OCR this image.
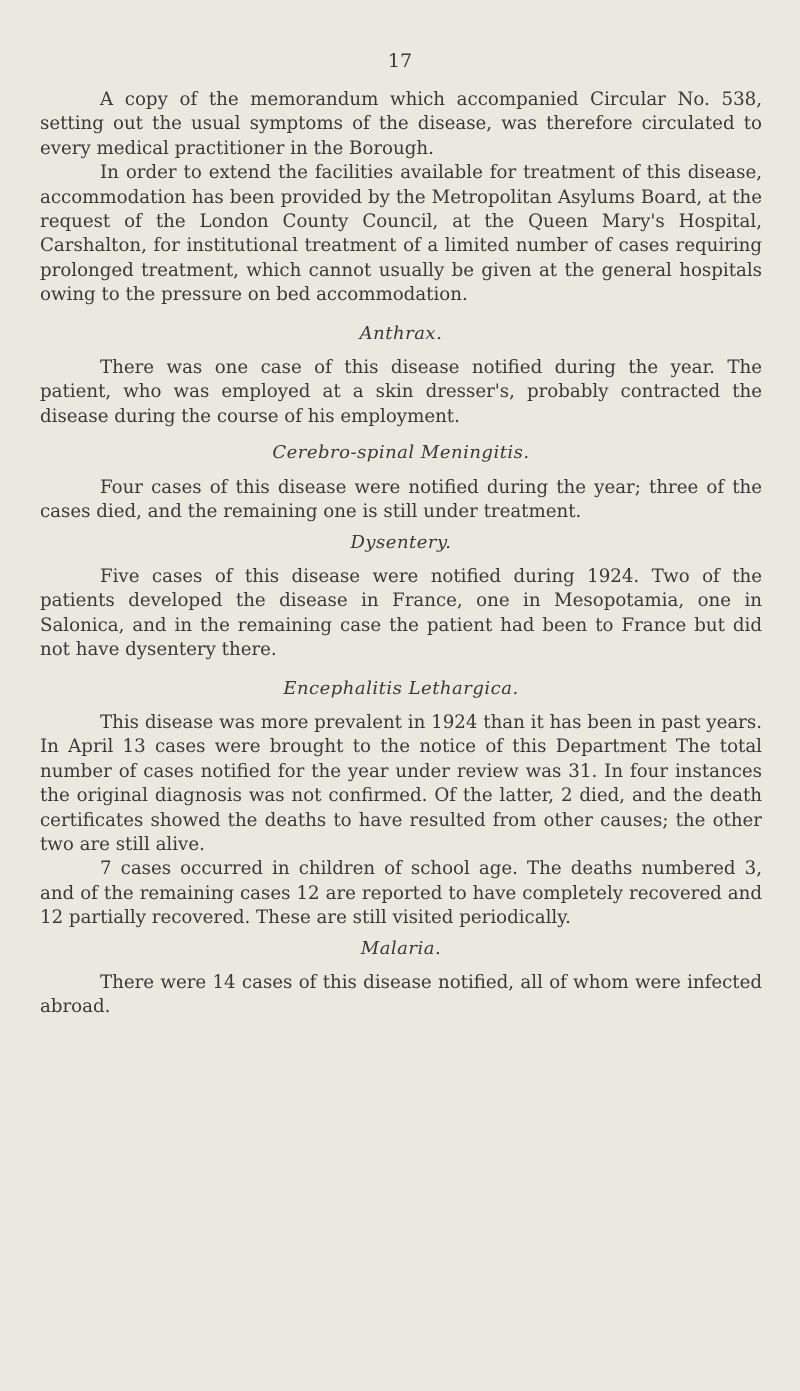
17

A copy of the memorandum which accompanied Circular No. 538, setting out the usual symptoms of the disease, was therefore circulated to every medical practitioner in the Borough.

In order to extend the facilities available for treatment of this disease, accommodation has been provided by the Metropolitan Asylums Board, at the request of the London County Council, at the Queen Mary's Hospital, Carshalton, for institutional treatment of a limited number of cases requiring prolonged treatment, which cannot usually be given at the general hospitals owing to the pressure on bed accommodation.

Anthrax.

There was one case of this disease notified during the year. The patient, who was employed at a skin dresser's, probably contracted the disease during the course of his employment.

Cerebro-spinal Meningitis.

Four cases of this disease were notified during the year; three of the cases died, and the remaining one is still under treatment.

Dysentery.

Five cases of this disease were notified during 1924. Two of the patients developed the disease in France, one in Mesopotamia, one in Salonica, and in the remaining case the patient had been to France but did not have dysentery there.

Encephalitis Lethargica.

This disease was more prevalent in 1924 than it has been in past years. In April 13 cases were brought to the notice of this Department The total number of cases notified for the year under review was 31. In four instances the original diagnosis was not confirmed. Of the latter, 2 died, and the death certificates showed the deaths to have resulted from other causes; the other two are still alive.

7 cases occurred in children of school age. The deaths numbered 3, and of the remaining cases 12 are reported to have completely recovered and 12 partially recovered. These are still visited periodically.

Malaria.

There were 14 cases of this disease notified, all of whom were infected abroad.
